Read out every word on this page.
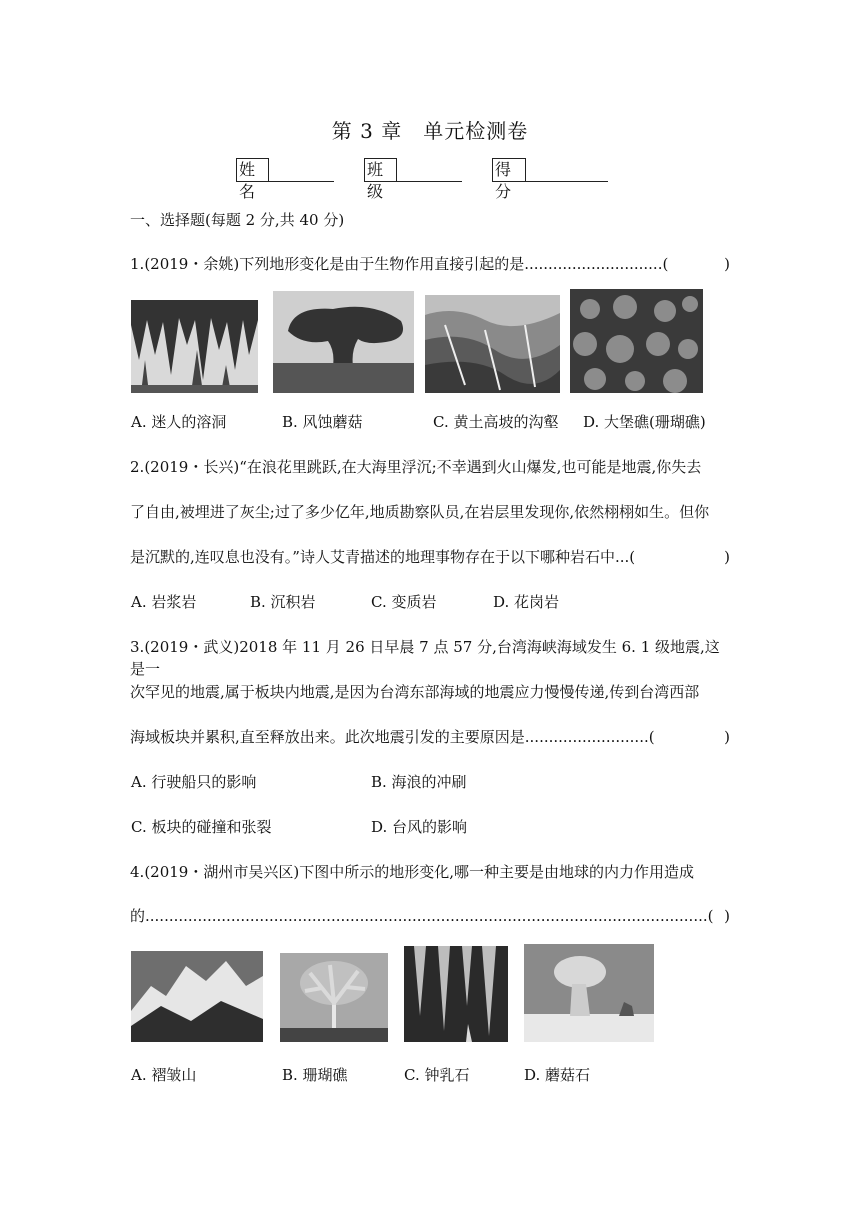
第 3 章　单元检测卷
姓名
班级
得分
一、选择题(每题 2 分,共 40 分)
1.(2019・余姚)下列地形变化是由于生物作用直接引起的是.............................(	)
A. 迷人的溶洞	B. 风蚀蘑菇	C. 黄土高坡的沟壑 D. 大堡礁(珊瑚礁)
2.(2019・长兴)“在浪花里跳跃,在大海里浮沉;不幸遇到火山爆发,也可能是地震,你失去
了自由,被埋进了灰尘;过了多少亿年,地质勘察队员,在岩层里发现你,依然栩栩如生。但你
是沉默的,连叹息也没有。”诗人艾青描述的地理事物存在于以下哪种岩石中...(	)
A. 岩浆岩	B. 沉积岩	C. 变质岩	D. 花岗岩
3.(2019・武义)2018 年 11 月 26 日早晨 7 点 57 分,台湾海峡海域发生 6. 1 级地震,这是一
次罕见的地震,属于板块内地震,是因为台湾东部海域的地震应力慢慢传递,传到台湾西部
海域板块并累积,直至释放出来。此次地震引发的主要原因是..........................(	)
A. 行驶船只的影响	B. 海浪的冲刷
C. 板块的碰撞和张裂	D. 台风的影响
4.(2019・湖州市吴兴区)下图中所示的地形变化,哪一种主要是由地球的内力作用造成
的......................................................................................................................( )
A. 褶皱山	B. 珊瑚礁	C. 钟乳石	D. 蘑菇石
